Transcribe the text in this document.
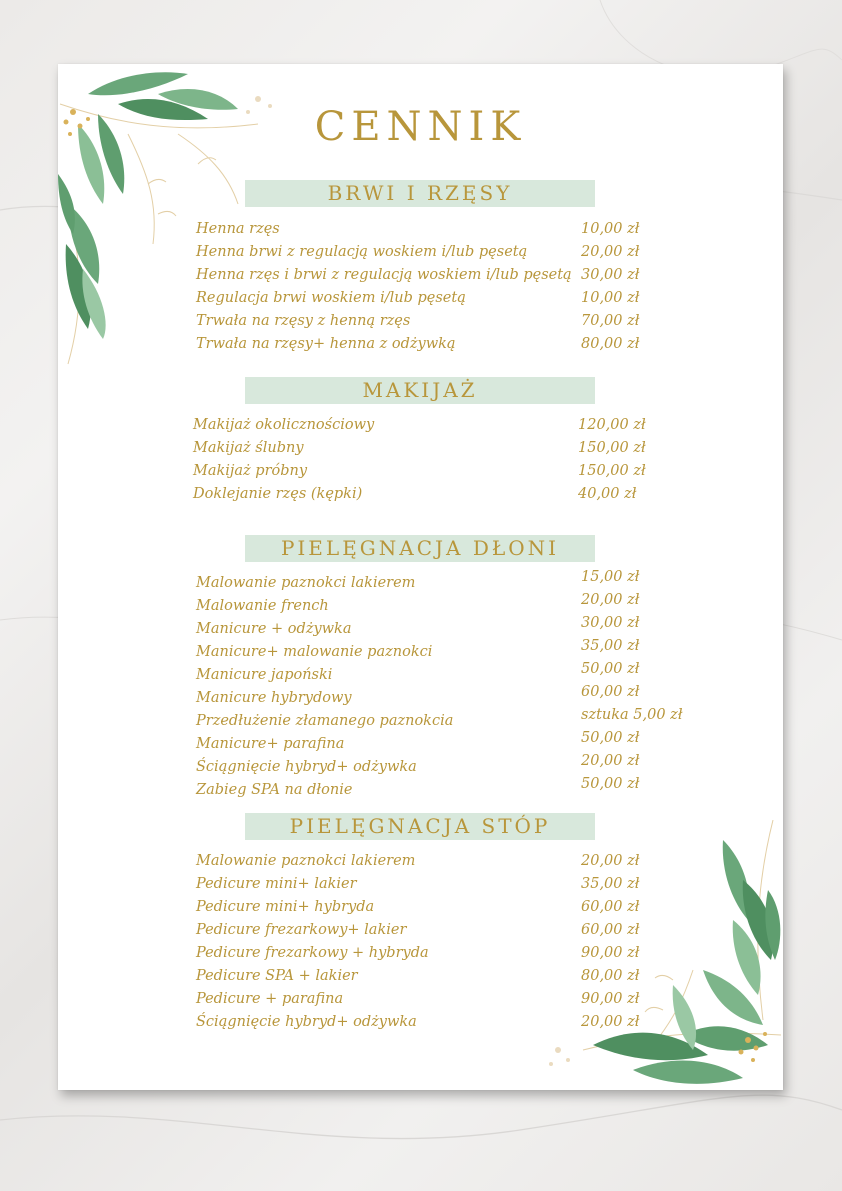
CENNIK
BRWI I RZĘSY
Henna rzęs	10,00 zł
Henna brwi z regulacją woskiem i/lub pęsetą	20,00 zł
Henna rzęs i brwi z regulacją woskiem i/lub pęsetą 30,00 zł
Regulacja brwi woskiem i/lub pęsetą	10,00 zł
Trwała na rzęsy z henną rzęs	70,00 zł
Trwała na rzęsy+ henna z odżywką	80,00 zł
MAKIJAŻ
Makijaż okolicznościowy	120,00 zł
Makijaż ślubny	150,00 zł
Makijaż próbny	150,00 zł
Doklejanie rzęs (kępki)	40,00 zł
PIELĘGNACJA DŁONI
Malowanie paznokci lakierem	15,00 zł
Malowanie french	20,00 zł
Manicure + odżywka	30,00 zł
Manicure+ malowanie paznokci	35,00 zł
Manicure japoński	50,00 zł
Manicure hybrydowy	60,00 zł
Przedłużenie złamanego paznokcia	sztuka 5,00 zł
Manicure+ parafina	50,00 zł
Ściągnięcie hybryd+ odżywka	20,00 zł
Zabieg SPA na dłonie	50,00 zł
PIELĘGNACJA STÓP
Malowanie paznokci lakierem	20,00 zł
Pedicure mini+ lakier	35,00 zł
Pedicure mini+ hybryda	60,00 zł
Pedicure frezarkowy+ lakier	60,00 zł
Pedicure frezarkowy + hybryda	90,00 zł
Pedicure SPA + lakier	80,00 zł
Pedicure + parafina	90,00 zł
Ściągnięcie hybryd+ odżywka	20,00 zł
